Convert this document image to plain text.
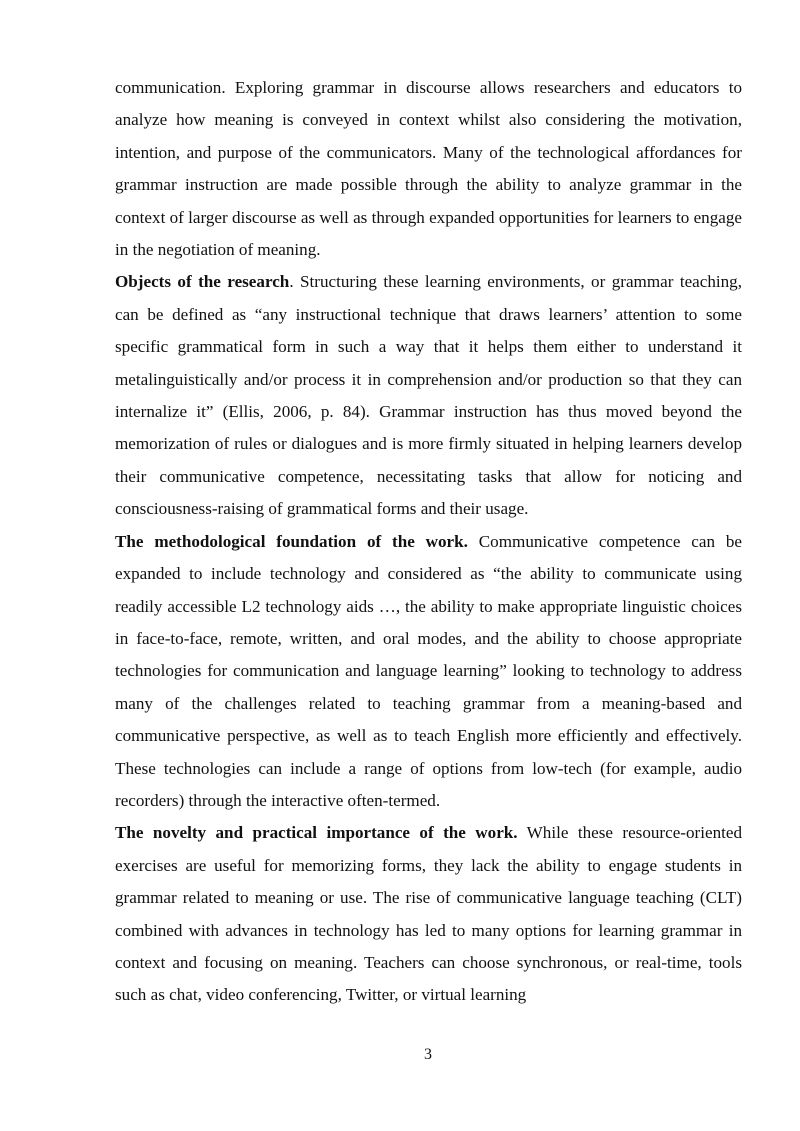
communication. Exploring grammar in discourse allows researchers and educators to analyze how meaning is conveyed in context whilst also considering the motivation, intention, and purpose of the communicators. Many of the technological affordances for grammar instruction are made possible through the ability to analyze grammar in the context of larger discourse as well as through expanded opportunities for learners to engage in the negotiation of meaning.

Objects of the research. Structuring these learning environments, or grammar teaching, can be defined as “any instructional technique that draws learners’ attention to some specific grammatical form in such a way that it helps them either to understand it metalinguistically and/or process it in comprehension and/or production so that they can internalize it” (Ellis, 2006, p. 84). Grammar instruction has thus moved beyond the memorization of rules or dialogues and is more firmly situated in helping learners develop their communicative competence, necessitating tasks that allow for noticing and consciousness-raising of grammatical forms and their usage.

The methodological foundation of the work. Communicative competence can be expanded to include technology and considered as “the ability to communicate using readily accessible L2 technology aids …, the ability to make appropriate linguistic choices in face-to-face, remote, written, and oral modes, and the ability to choose appropriate technologies for communication and language learning” looking to technology to address many of the challenges related to teaching grammar from a meaning-based and communicative perspective, as well as to teach English more efficiently and effectively. These technologies can include a range of options from low-tech (for example, audio recorders) through the interactive often-termed.

The novelty and practical importance of the work. While these resource-oriented exercises are useful for memorizing forms, they lack the ability to engage students in grammar related to meaning or use. The rise of communicative language teaching (CLT) combined with advances in technology has led to many options for learning grammar in context and focusing on meaning. Teachers can choose synchronous, or real-time, tools such as chat, video conferencing, Twitter, or virtual learning

3
